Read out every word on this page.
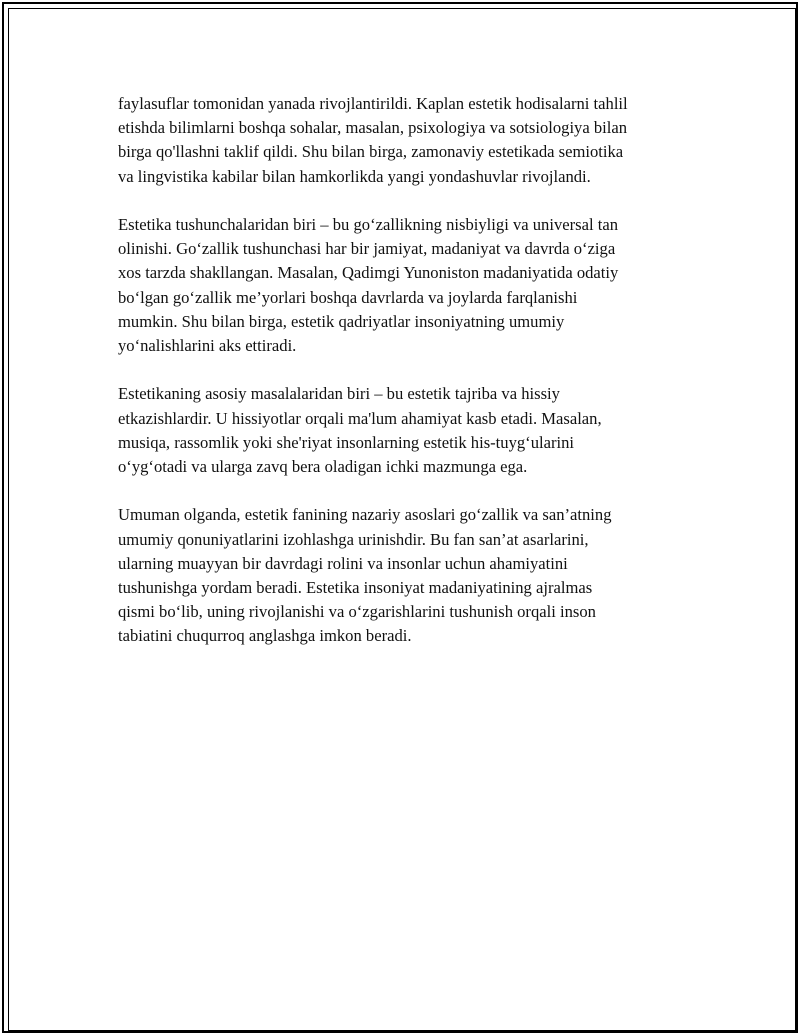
faylasuflar tomonidan yanada rivojlantirildi. Kaplan estetik hodisalarni tahlil
etishda bilimlarni boshqa sohalar, masalan, psixologiya va sotsiologiya bilan
birga qo'llashni taklif qildi. Shu bilan birga, zamonaviy estetikada semiotika
va lingvistika kabilar bilan hamkorlikda yangi yondashuvlar rivojlandi.

Estetika tushunchalaridan biri – bu go‘zallikning nisbiyligi va universal tan
olinishi. Go‘zallik tushunchasi har bir jamiyat, madaniyat va davrda o‘ziga
xos tarzda shakllangan. Masalan, Qadimgi Yunoniston madaniyatida odatiy
bo‘lgan go‘zallik me’yorlari boshqa davrlarda va joylarda farqlanishi
mumkin. Shu bilan birga, estetik qadriyatlar insoniyatning umumiy
yo‘nalishlarini aks ettiradi.

Estetikaning asosiy masalalaridan biri – bu estetik tajriba va hissiy
etkazishlardir. U hissiyotlar orqali ma'lum ahamiyat kasb etadi. Masalan,
musiqa, rassomlik yoki she'riyat insonlarning estetik his-tuyg‘ularini
o‘yg‘otadi va ularga zavq bera oladigan ichki mazmunga ega.

Umuman olganda, estetik fanining nazariy asoslari go‘zallik va san’atning
umumiy qonuniyatlarini izohlashga urinishdir. Bu fan san’at asarlarini,
ularning muayyan bir davrdagi rolini va insonlar uchun ahamiyatini
tushunishga yordam beradi. Estetika insoniyat madaniyatining ajralmas
qismi bo‘lib, uning rivojlanishi va o‘zgarishlarini tushunish orqali inson
tabiatini chuqurroq anglashga imkon beradi.
